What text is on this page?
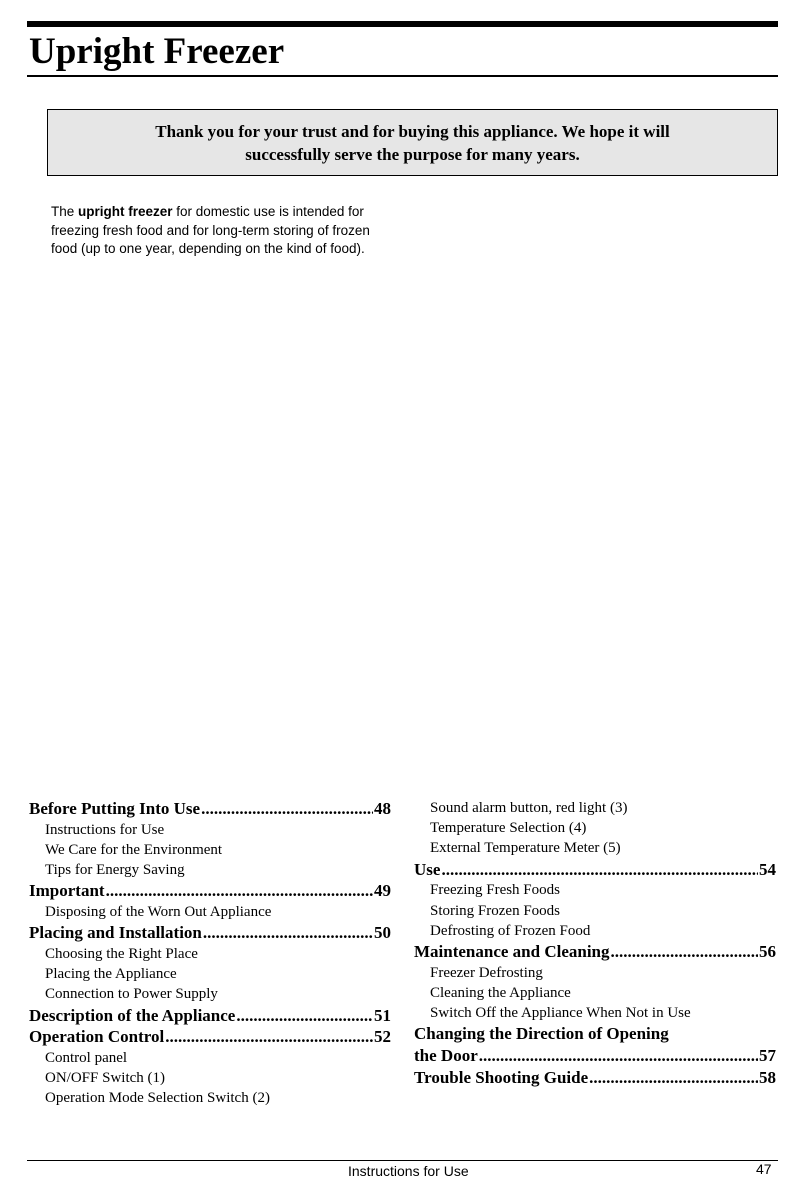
Upright Freezer
Thank you for your trust and for buying this appliance. We hope it will
successfully serve the purpose for many years.

The upright freezer for domestic use is intended for freezing fresh food and for long-term storing of frozen food (up to one year, depending on the kind of food).

Before Putting Into Use .....	48
Instructions for Use
We Care for the Environment
Tips for Energy Saving
Important .....	49
Disposing of the Worn Out Appliance
Placing and Installation .....	50
Choosing the Right Place
Placing the Appliance
Connection to Power Supply
Description of the Appliance .....	51
Operation Control .....	52
Control panel
ON/OFF Switch (1)
Operation Mode Selection Switch (2)
Sound alarm button, red light (3)
Temperature Selection (4)
External Temperature Meter (5)
Use .....	54
Freezing Fresh Foods
Storing Frozen Foods
Defrosting of Frozen Food
Maintenance and Cleaning .....	56
Freezer Defrosting
Cleaning the Appliance
Switch Off the Appliance When Not in Use
Changing the Direction of Opening
the Door .....	57
Trouble Shooting Guide .....	58
Instructions for Use	47
